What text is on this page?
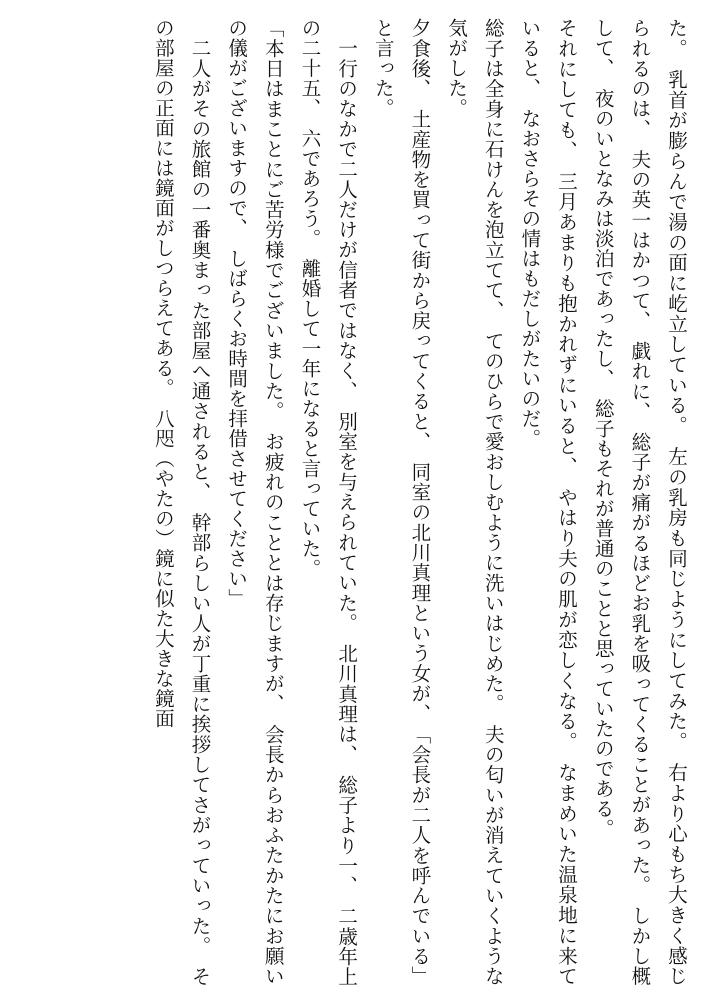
た。　乳首が膨らんで湯の面に屹立している。　左の乳房も同じようにしてみた。　右より心もち大きく感じられるのは、　夫の英一はかつて、　戯れに、　総子が痛がるほどお乳を吸ってくることがあった。　しかし概して、　夜のいとなみは淡泊であったし、　総子もそれが普通のことと思っていたのである。

それにしても、　三月あまりも抱かれずにいると、　やはり夫の肌が恋しくなる。　なまめいた温泉地に来ていると、　なおさらその情はもだしがたいのだ。

総子は全身に石けんを泡立てて、　てのひらで愛おしむように洗いはじめた。　夫の匂いが消えていくような気がした。

夕食後、　土産物を買って街から戻ってくると、　同室の北川真理という女が、　「会長が二人を呼んでいる」と言った。

一行のなかで二人だけが信者ではなく、　別室を与えられていた。　北川真理は、　総子より一、　二歳年上の二十五、　六であろう。　離婚して一年になると言っていた。

「本日はまことにご苦労様でございました。　お疲れのこととは存じますが、　会長からおふたかたにお願いの儀がございますので、　しばらくお時間を拝借させてください」

二人がその旅館の一番奥まった部屋へ通されると、　幹部らしい人が丁重に挨拶してさがっていった。　その部屋の正面には鏡面がしつらえてある。　八咫（やたの）鏡に似た大きな鏡面
